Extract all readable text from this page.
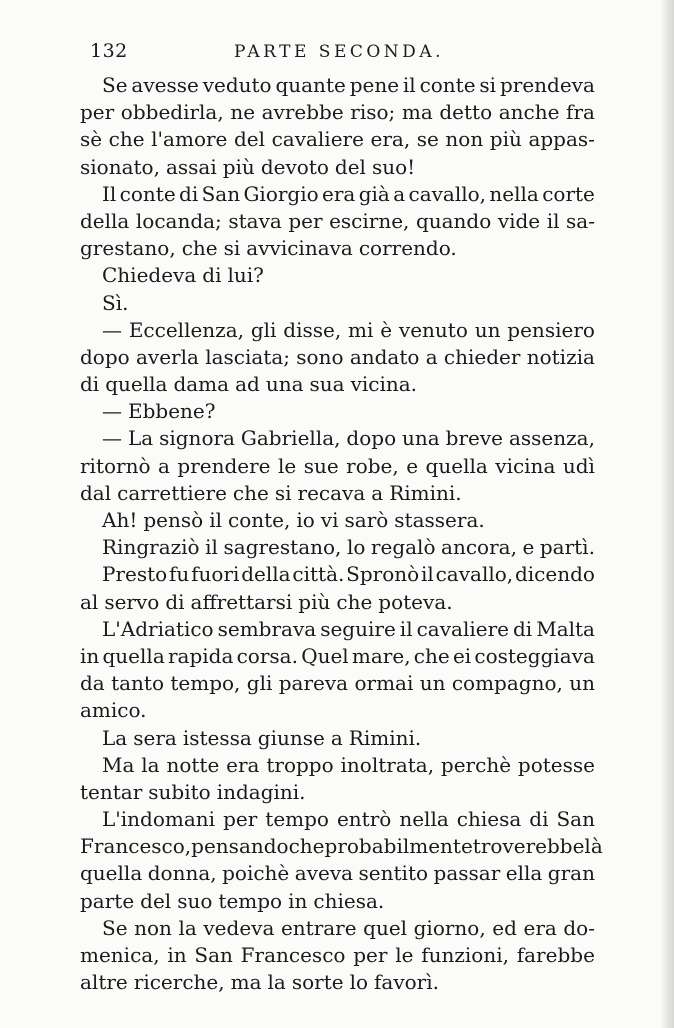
132	PARTE SECONDA.
Se avesse veduto quante pene il conte si prendeva
per obbedirla, ne avrebbe riso; ma detto anche fra
sè che l'amore del cavaliere era, se non più appas-
sionato, assai più devoto del suo!
Il conte di San Giorgio era già a cavallo, nella corte
della locanda; stava per escirne, quando vide il sa-
grestano, che si avvicinava correndo.
Chiedeva di lui?
Sì.
— Eccellenza, gli disse, mi è venuto un pensiero
dopo averla lasciata; sono andato a chieder notizia
di quella dama ad una sua vicina.
— Ebbene?
— La signora Gabriella, dopo una breve assenza,
ritornò a prendere le sue robe, e quella vicina udì
dal carrettiere che si recava a Rimini.
Ah! pensò il conte, io vi sarò stassera.
Ringraziò il sagrestano, lo regalò ancora, e partì.
Presto fu fuori della città. Spronò il cavallo, dicendo
al servo di affrettarsi più che poteva.
L'Adriatico sembrava seguire il cavaliere di Malta
in quella rapida corsa. Quel mare, che ei costeggiava
da tanto tempo, gli pareva ormai un compagno, un
amico.
La sera istessa giunse a Rimini.
Ma la notte era troppo inoltrata, perchè potesse
tentar subito indagini.
L'indomani per tempo entrò nella chiesa di San
Francesco, pensando che probabilmente troverebbe là
quella donna, poichè aveva sentito passar ella gran
parte del suo tempo in chiesa.
Se non la vedeva entrare quel giorno, ed era do-
menica, in San Francesco per le funzioni, farebbe
altre ricerche, ma la sorte lo favorì.
